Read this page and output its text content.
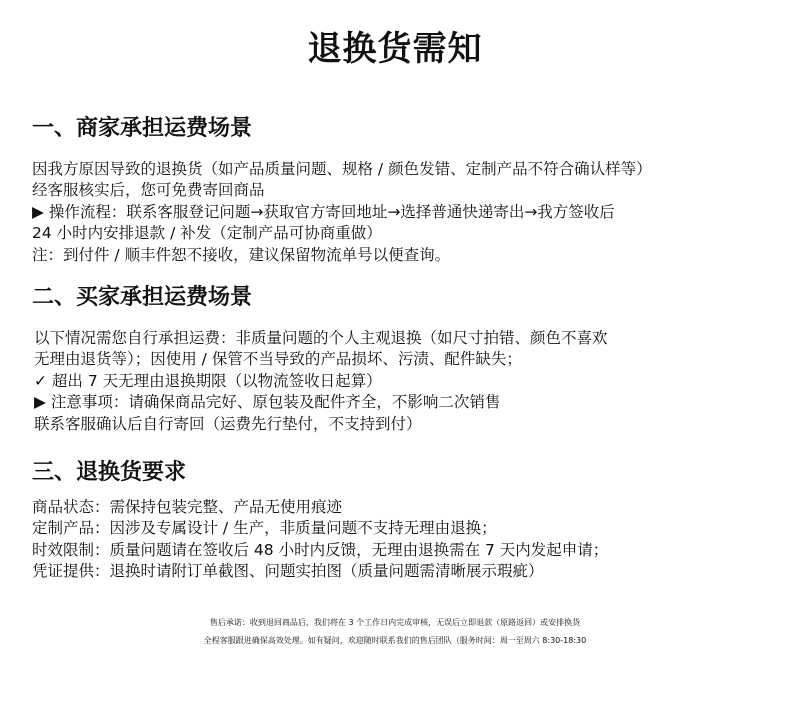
退换货需知
一、商家承担运费场景
因我方原因导致的退换货（如产品质量问题、规格 / 颜色发错、定制产品不符合确认样等）
经客服核实后，您可免费寄回商品
▶ 操作流程：联系客服登记问题→获取官方寄回地址→选择普通快递寄出→我方签收后
24 小时内安排退款 / 补发（定制产品可协商重做）
注：到付件 / 顺丰件恕不接收，建议保留物流单号以便查询。
二、买家承担运费场景
以下情况需您自行承担运费：非质量问题的个人主观退换（如尺寸拍错、颜色不喜欢
无理由退货等）；因使用 / 保管不当导致的产品损坏、污渍、配件缺失；
✓ 超出 7 天无理由退换期限（以物流签收日起算）
▶ 注意事项：请确保商品完好、原包装及配件齐全，不影响二次销售
联系客服确认后自行寄回（运费先行垫付，不支持到付）
三、退换货要求
商品状态：需保持包装完整、产品无使用痕迹
定制产品：因涉及专属设计 / 生产，非质量问题不支持无理由退换；
时效限制：质量问题请在签收后 48 小时内反馈，无理由退换需在 7 天内发起申请；
凭证提供：退换时请附订单截图、问题实拍图（质量问题需清晰展示瑕疵）
售后承诺：收到退回商品后，我们将在 3 个工作日内完成审核，无误后立即退款（原路返回）或安排换货
全程客服跟进确保高效处理。如有疑问，欢迎随时联系我们的售后团队（服务时间：周一至周六 8:30-18:30
